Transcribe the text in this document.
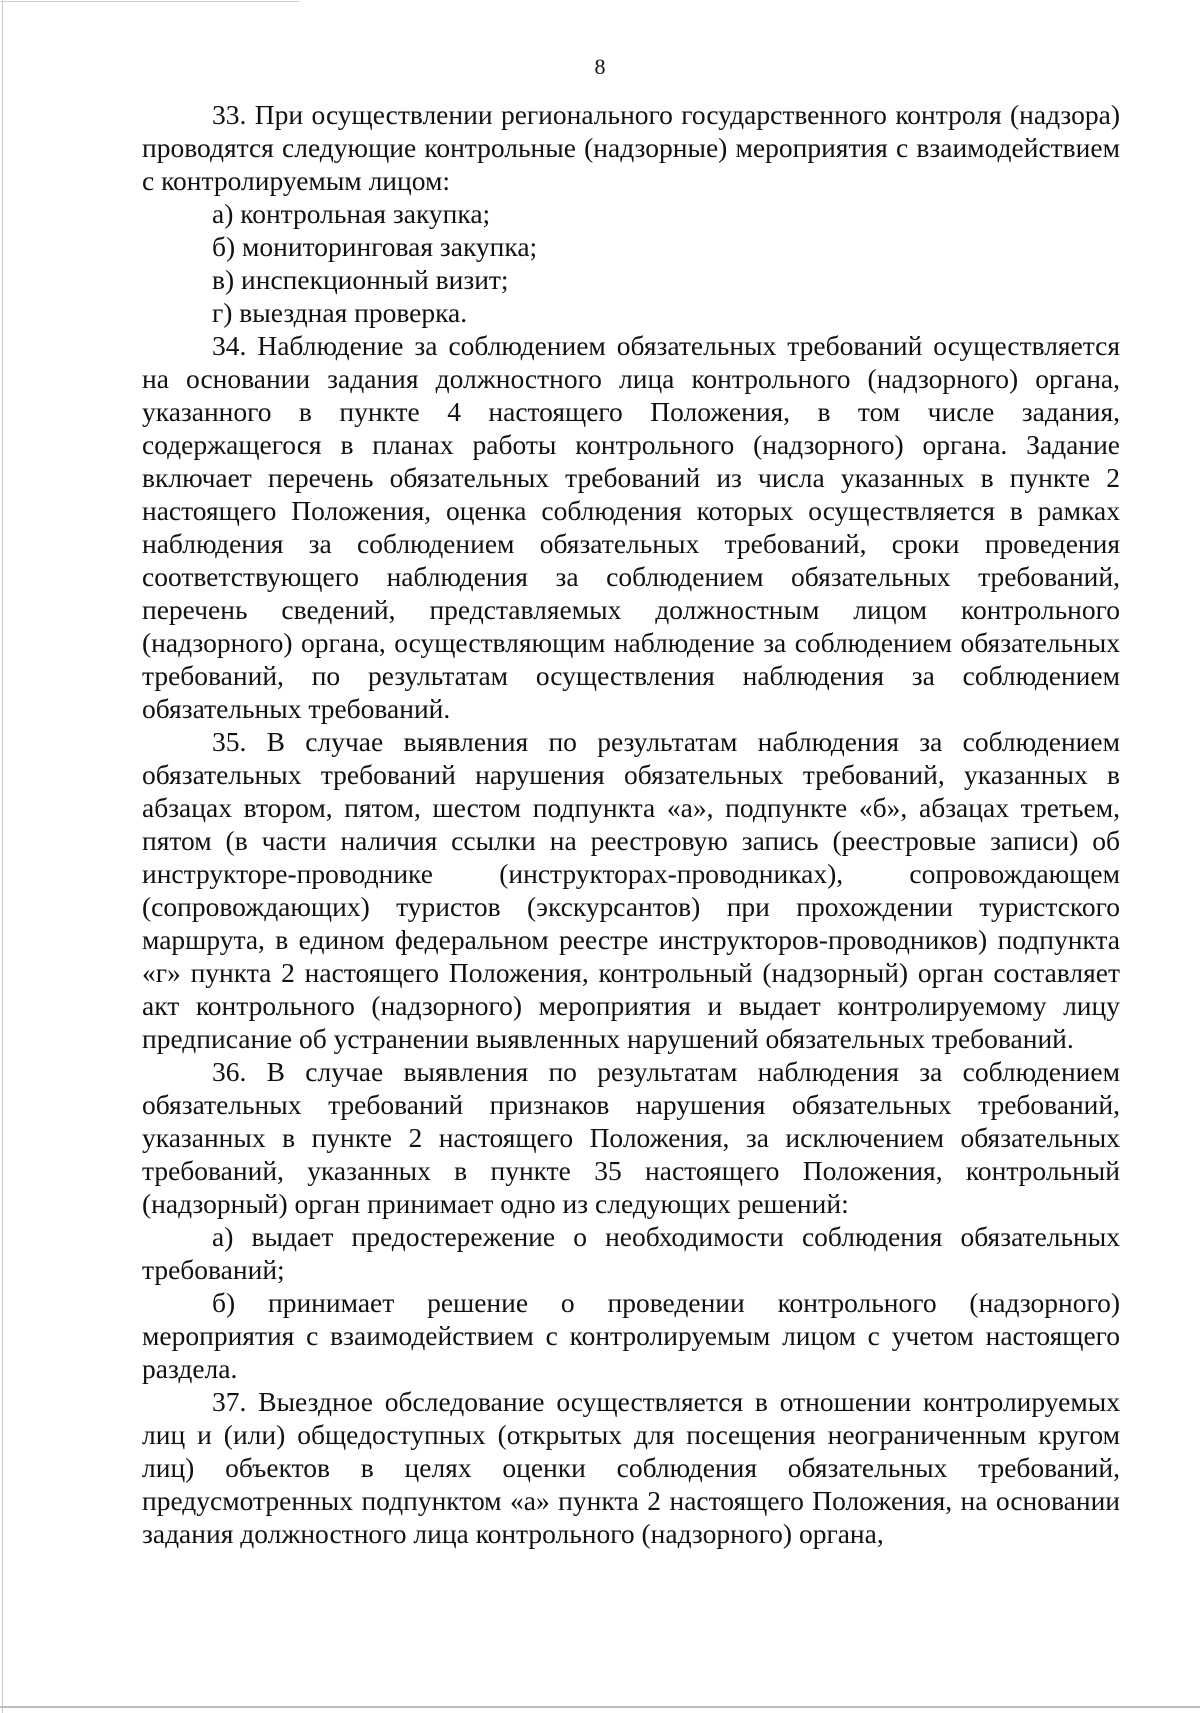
8

33. При осуществлении регионального государственного контроля (надзора) проводятся следующие контрольные (надзорные) мероприятия с взаимодействием с контролируемым лицом:

а) контрольная закупка;

б) мониторинговая закупка;

в) инспекционный визит;

г) выездная проверка.

34. Наблюдение за соблюдением обязательных требований осуществляется на основании задания должностного лица контрольного (надзорного) органа, указанного в пункте 4 настоящего Положения, в том числе задания, содержащегося в планах работы контрольного (надзорного) органа. Задание включает перечень обязательных требований из числа указанных в пункте 2 настоящего Положения, оценка соблюдения которых осуществляется в рамках наблюдения за соблюдением обязательных требований, сроки проведения соответствующего наблюдения за соблюдением обязательных требований, перечень сведений, представляемых должностным лицом контрольного (надзорного) органа, осуществляющим наблюдение за соблюдением обязательных требований, по результатам осуществления наблюдения за соблюдением обязательных требований.

35. В случае выявления по результатам наблюдения за соблюдением обязательных требований нарушения обязательных требований, указанных в абзацах втором, пятом, шестом подпункта «а», подпункте «б», абзацах третьем, пятом (в части наличия ссылки на реестровую запись (реестровые записи) об инструкторе-проводнике (инструкторах-проводниках), сопровождающем (сопровождающих) туристов (экскурсантов) при прохождении туристского маршрута, в едином федеральном реестре инструкторов-проводников) подпункта «г» пункта 2 настоящего Положения, контрольный (надзорный) орган составляет акт контрольного (надзорного) мероприятия и выдает контролируемому лицу предписание об устранении выявленных нарушений обязательных требований.

36. В случае выявления по результатам наблюдения за соблюдением обязательных требований признаков нарушения обязательных требований, указанных в пункте 2 настоящего Положения, за исключением обязательных требований, указанных в пункте 35 настоящего Положения, контрольный (надзорный) орган принимает одно из следующих решений:

а) выдает предостережение о необходимости соблюдения обязательных требований;

б) принимает решение о проведении контрольного (надзорного) мероприятия с взаимодействием с контролируемым лицом с учетом настоящего раздела.

37. Выездное обследование осуществляется в отношении контролируемых лиц и (или) общедоступных (открытых для посещения неограниченным кругом лиц) объектов в целях оценки соблюдения обязательных требований, предусмотренных подпунктом «а» пункта 2 настоящего Положения, на основании задания должностного лица контрольного (надзорного) органа,
